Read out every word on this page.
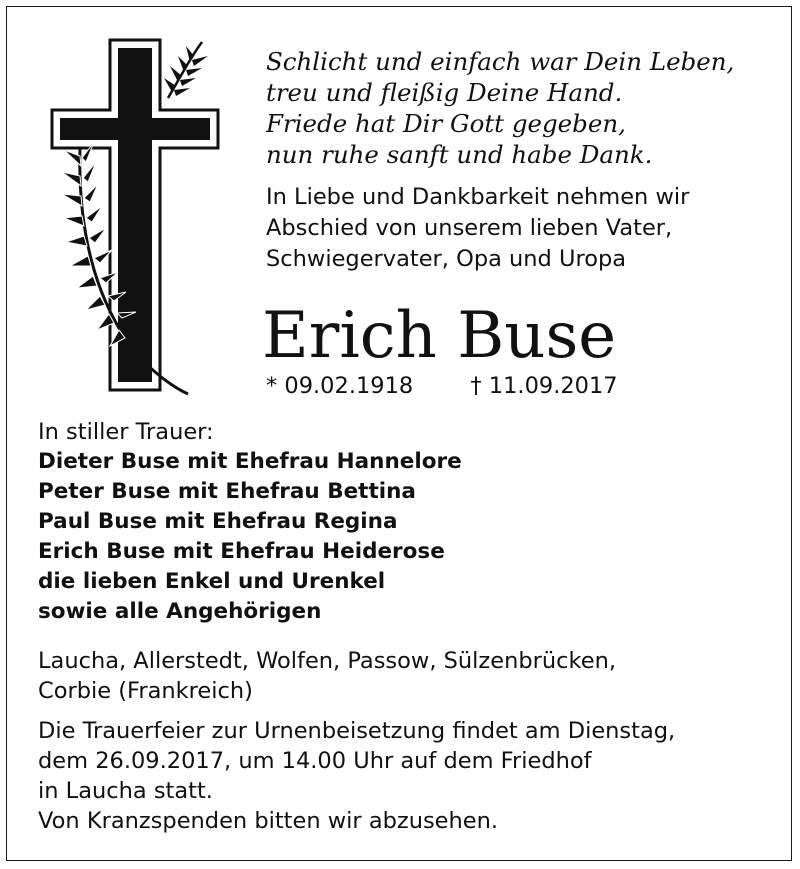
Schlicht und einfach war Dein Leben,
treu und fleißig Deine Hand.
Friede hat Dir Gott gegeben,
nun ruhe sanft und habe Dank.
In Liebe und Dankbarkeit nehmen wir
Abschied von unserem lieben Vater,
Schwiegervater, Opa und Uropa
Erich Buse
* 09.02.1918	† 11.09.2017
In stiller Trauer:
Dieter Buse mit Ehefrau Hannelore
Peter Buse mit Ehefrau Bettina
Paul Buse mit Ehefrau Regina
Erich Buse mit Ehefrau Heiderose
die lieben Enkel und Urenkel
sowie alle Angehörigen
Laucha, Allerstedt, Wolfen, Passow, Sülzenbrücken,
Corbie (Frankreich)
Die Trauerfeier zur Urnenbeisetzung findet am Dienstag,
dem 26.09.2017, um 14.00 Uhr auf dem Friedhof
in Laucha statt.
Von Kranzspenden bitten wir abzusehen.
